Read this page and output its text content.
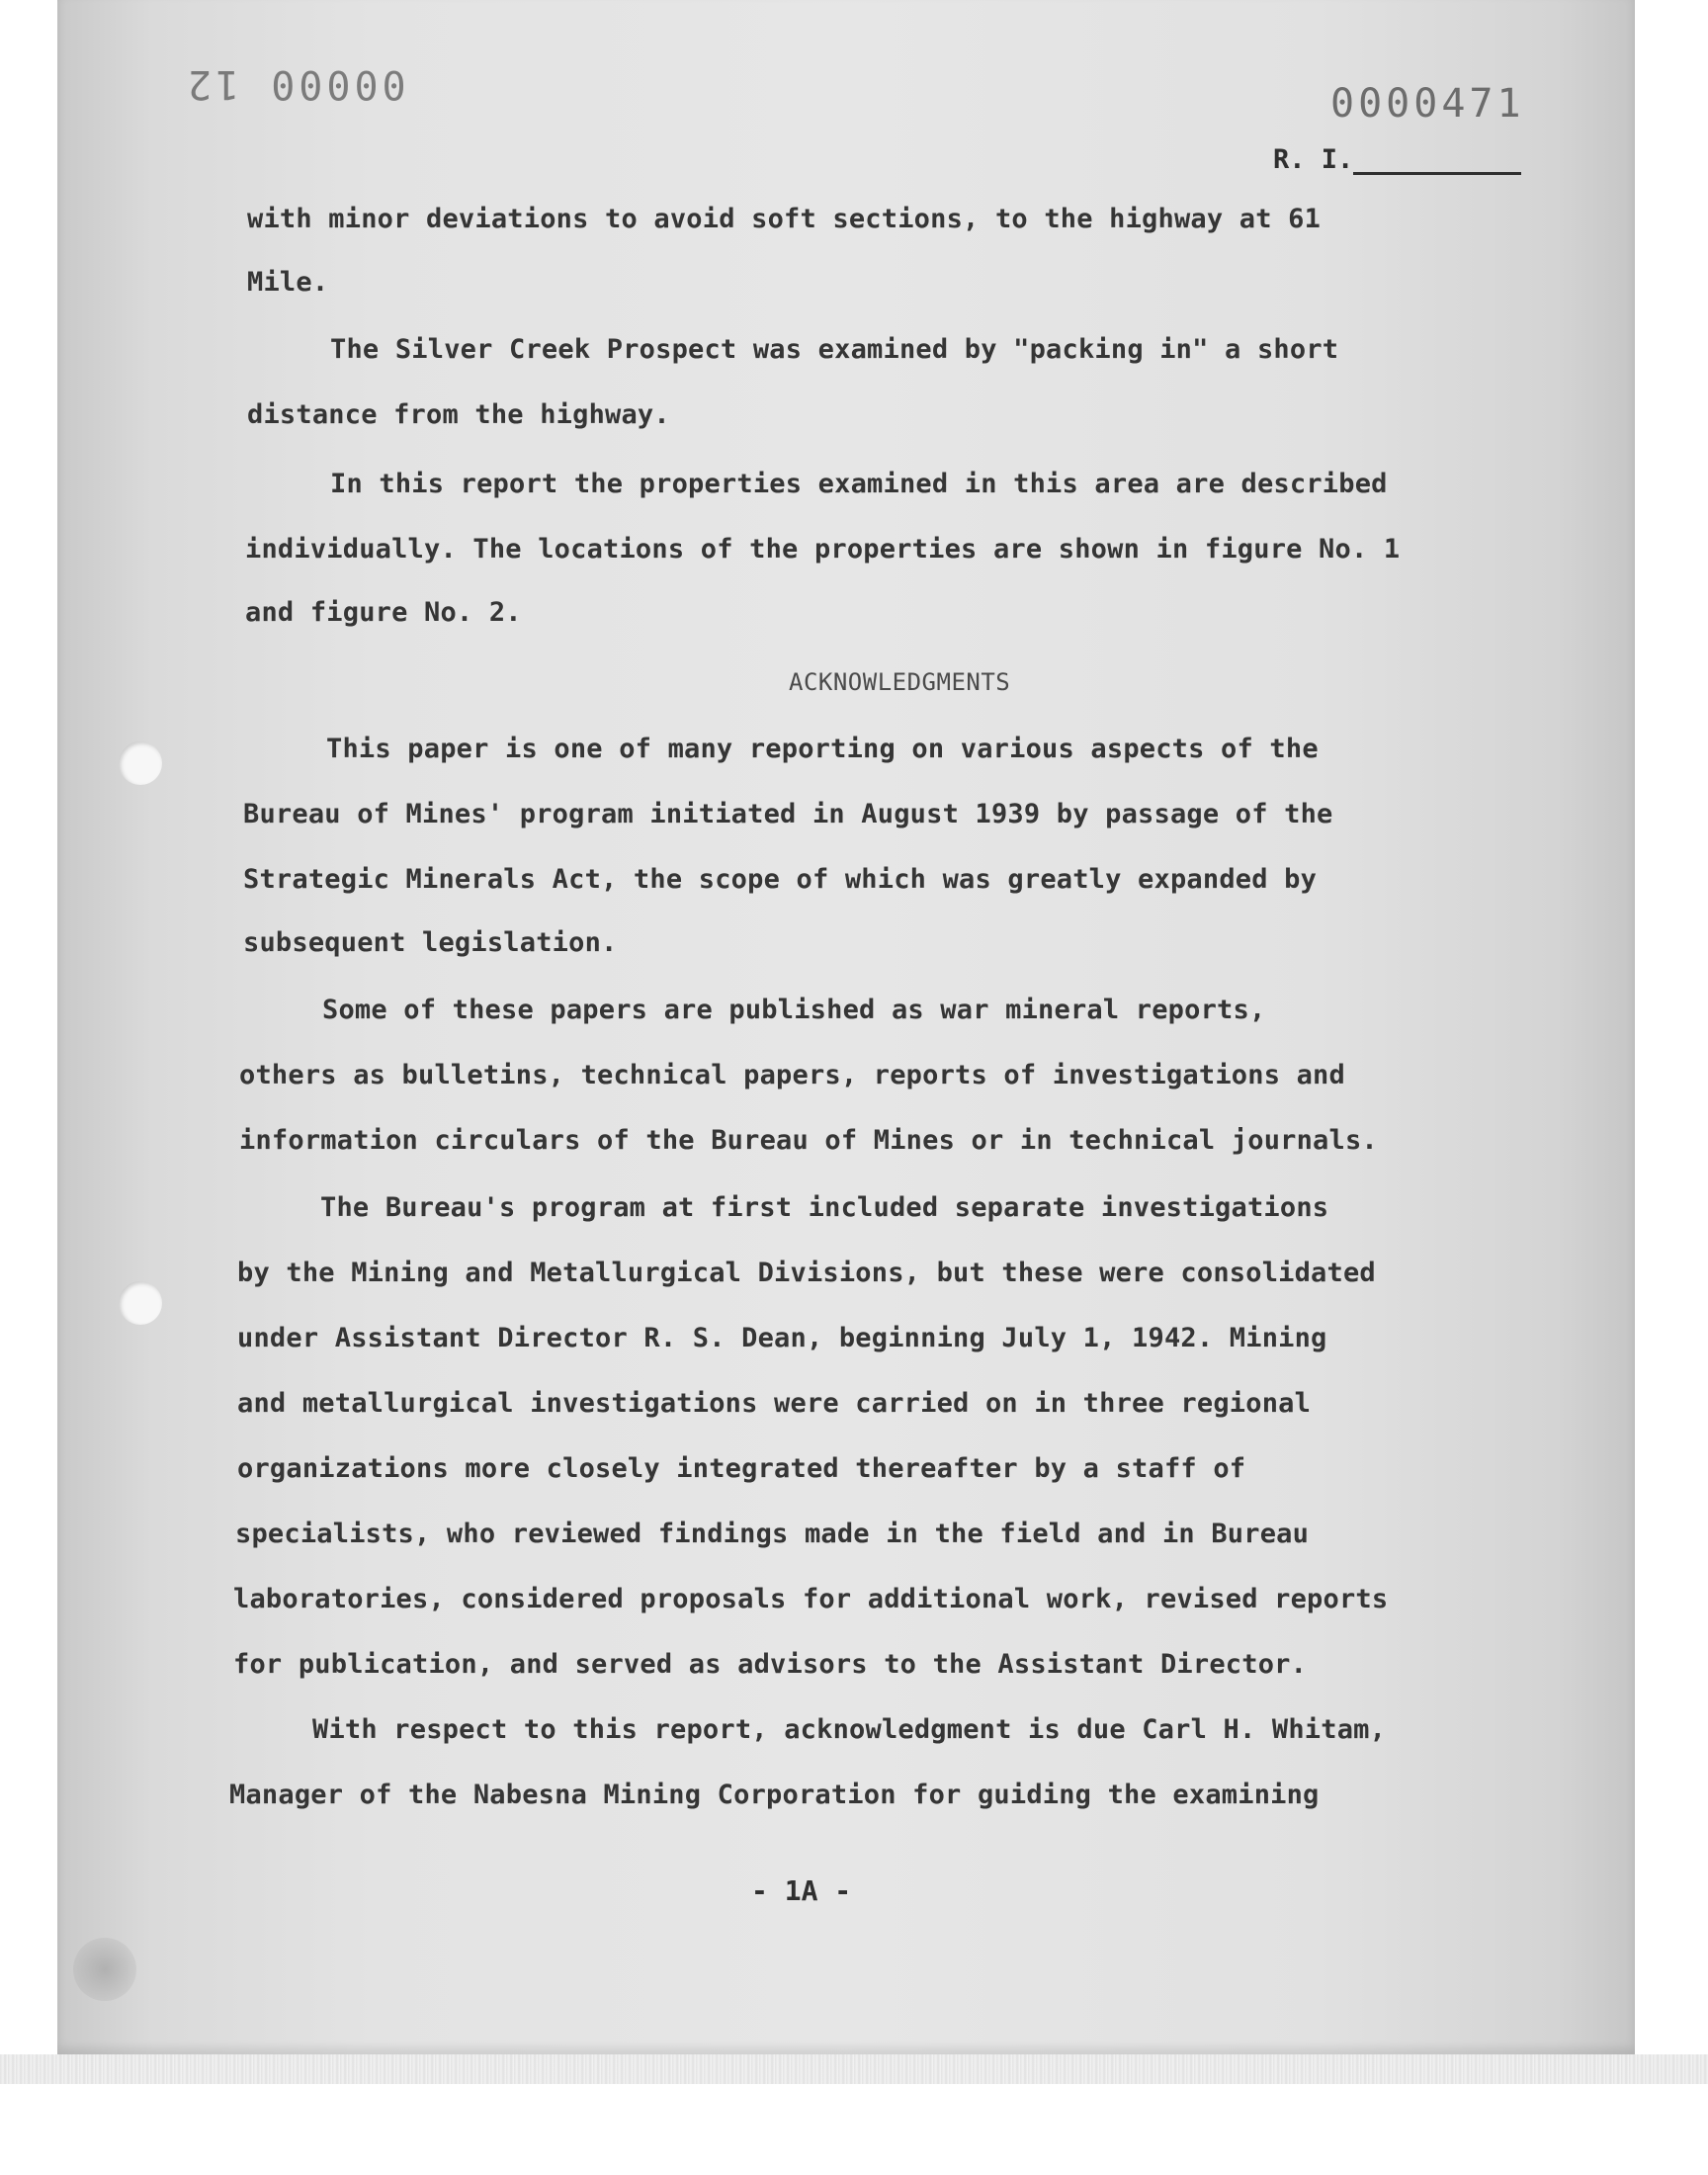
00000 12	0000471
R. I.
with minor deviations to avoid soft sections, to the highway at 61
Mile.
The Silver Creek Prospect was examined by "packing in" a short
distance from the highway.
In this report the properties examined in this area are described
individually. The locations of the properties are shown in figure No. 1
and figure No. 2.
ACKNOWLEDGMENTS
This paper is one of many reporting on various aspects of the
Bureau of Mines' program initiated in August 1939 by passage of the
Strategic Minerals Act, the scope of which was greatly expanded by
subsequent legislation.
Some of these papers are published as war mineral reports,
others as bulletins, technical papers, reports of investigations and
information circulars of the Bureau of Mines or in technical journals.
The Bureau's program at first included separate investigations
by the Mining and Metallurgical Divisions, but these were consolidated
under Assistant Director R. S. Dean, beginning July 1, 1942. Mining
and metallurgical investigations were carried on in three regional
organizations more closely integrated thereafter by a staff of
specialists, who reviewed findings made in the field and in Bureau
laboratories, considered proposals for additional work, revised reports
for publication, and served as advisors to the Assistant Director.
With respect to this report, acknowledgment is due Carl H. Whitam,
Manager of the Nabesna Mining Corporation for guiding the examining
- 1A -
